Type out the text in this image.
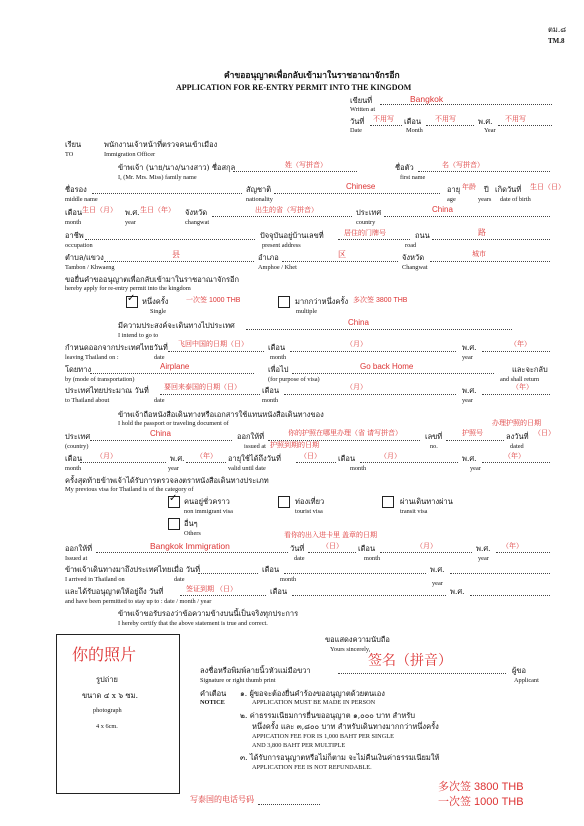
ตม.๘
TM.8
คำขออนุญาตเพื่อกลับเข้ามาในราชอาณาจักรอีก
APPLICATION FOR RE-ENTRY PERMIT INTO THE KINGDOM
เขียนที่	Bangkok
Written at
วันที่ 不用写 เดือน 不用写	พ.ศ. 不用写
Date	Month	Year
เรียน	พนักงานเจ้าหน้าที่ตรวจคนเข้าเมือง
TO	Immigration Officer
ข้าพเจ้า (นาย/นาง/นางสาว) ชื่อสกุล	姓（写拼音）	ชื่อตัว	名（写拼音）
I, (Mr. Mrs. Miss) family name	first name
ชื่อรอง	สัญชาติ	Chinese	อายุ 年龄 ปี เกิดวันที่ 生日（日）
middle name	nationality	age	years date of birth
เดือน 生日（月） พ.ศ. 生日（年） จังหวัด	出生的省（写拼音）	ประเทศ	China
month	year	changwat	country
อาชีพ	ปัจจุบันอยู่บ้านเลขที่	居住的门牌号	ถนน	路
occupation	present address	road
ตำบล/แขวง	县	อำเภอ	区	จังหวัด	城市
Tambon / Khwaeng	Amphoe / Khet	Changwat
ขอยื่นคำขออนุญาตเพื่อกลับเข้ามาในราชอาณาจักรอีก
hereby apply for re-entry permit into the kingdom
✓ หนึ่งครั้ง	一次签 1000 THB
Single
มากกว่าหนึ่งครั้ง 多次签 3800 THB
multiple
มีความประสงค์จะเดินทางไปประเทศ	China
I intend to go to
กำหนดออกจากประเทศไทยวันที่ 飞回中国的日期（日）	เดือน	（月）	พ.ศ.	（年）
leaving Thailand on :	date	month	year
โดยทาง	Airplane	เพื่อไป	Go back Home	และจะกลับ
by (mode of transportation)	(for purpose of visa)	and shall return
ประเทศไทยประมาณ วันที่ 要回来泰国的日期（日）	เดือน	（月）	พ.ศ.	（年）
to Thailand about	date	month	year
ข้าพเจ้าถือหนังสือเดินทางหรือเอกสารใช้แทนหนังสือเดินทางของ
I hold the passport or traveling document of	办理护照的日期
ประเทศ	China	ออกให้ที่	你的护照在哪里办理（省 请写拼音）	เลขที่	护照号	ลงวันที่ （日）
(country)	issued at 护照到期的日期	no.	dated
เดือน （月）	พ.ศ. （年） อายุใช้ได้ถึงวันที่	（日） เดือน	（月）	พ.ศ.	（年）
month	year	valid until date	month	year
ครั้งสุดท้ายข้าพเจ้าได้รับการตรวจลงตราหนังสือเดินทางประเภท
My previous visa for Thailand is of the category of
✓ คนอยู่ชั่วคราว
non immigrant visa
ท่องเที่ยว
tourist visa
ผ่านเดินทางผ่าน
transit visa
อื่นๆ
Others	看你的出入进卡里 盖章的日期
ออกให้ที่	Bangkok Immigration	วันที่	（日） เดือน	（月）	พ.ศ. （年）
Issued at	date	month	year
ข้าพเจ้าเดินทางมาถึงประเทศไทยเมื่อ วันที่	เดือน	พ.ศ.
I arrived in Thailand on	date	month
year
และได้รับอนุญาตให้อยู่ถึง วันที่	签证到期 （日）	เดือน	พ.ศ.
and have been permitted to stay up to : date / month / year
ข้าพเจ้าขอรับรองว่าข้อความข้างบนนี้เป็นจริงทุกประการ
I hereby certify that the above statement is true and correct.
ขอแสดงความนับถือ
Yours sincerely,
你的照片
รูปถ่าย
ขนาด ๔ x ๖ ซม.
photograph
4 x 6cm.
签名（拼音）
ลงชื่อหรือพิมพ์ลายนิ้วหัวแม่มือขวา	ผู้ขอ
Signature or right thumb print	Applicant
คำเตือน
NOTICE
๑. ผู้ขอจะต้องยื่นคำร้องขออนุญาตด้วยตนเอง
APPLICATION MUST BE MADE IN PERSON
๒. ค่าธรรมเนียมการยื่นขออนุญาต ๑,๐๐๐ บาท สำหรับ
หนึ่งครั้ง และ ๓,๘๐๐ บาท สำหรับเดินทางมากกว่าหนึ่งครั้ง
APPICATION FEE FOR IS 1,000 BAHT PER SINGLE
AND 3,800 BAHT PER MULTIPLE
๓. ได้รับการอนุญาตหรือไม่ก็ตาม จะไม่คืนเงินค่าธรรมเนียมให้
APPLICATION FEE IS NOT REFUNDABLE.
多次签 3800 THB
一次签 1000 THB
写泰国的电话号码
